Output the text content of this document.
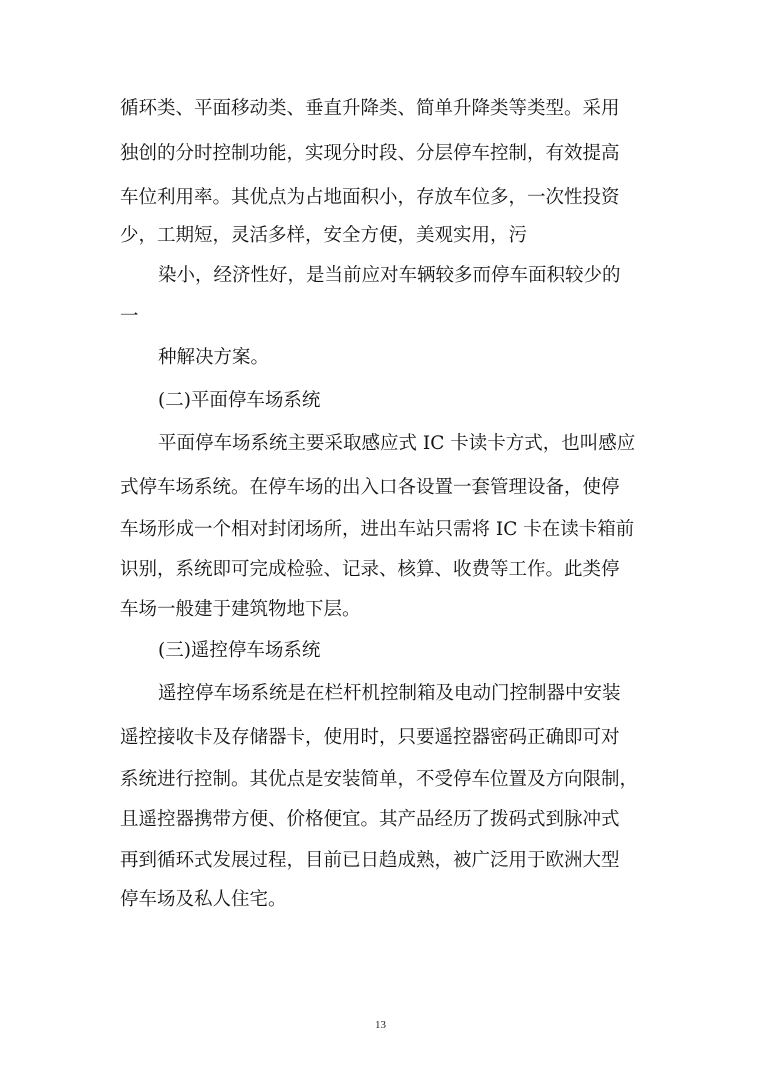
循环类、平面移动类、垂直升降类、简单升降类等类型。采用
独创的分时控制功能，实现分时段、分层停车控制，有效提高
车位利用率。其优点为占地面积小，存放车位多，一次性投资
少，工期短，灵活多样，安全方便，美观实用，污
染小，经济性好，是当前应对车辆较多而停车面积较少的
一
种解决方案。
(二)平面停车场系统
平面停车场系统主要采取感应式 IC 卡读卡方式，也叫感应
式停车场系统。在停车场的出入口各设置一套管理设备，使停
车场形成一个相对封闭场所，进出车站只需将 IC 卡在读卡箱前
识别，系统即可完成检验、记录、核算、收费等工作。此类停
车场一般建于建筑物地下层。
(三)遥控停车场系统
遥控停车场系统是在栏杆机控制箱及电动门控制器中安装
遥控接收卡及存储器卡，使用时，只要遥控器密码正确即可对
系统进行控制。其优点是安装简单，不受停车位置及方向限制，
且遥控器携带方便、价格便宜。其产品经历了拨码式到脉冲式
再到循环式发展过程，目前已日趋成熟，被广泛用于欧洲大型
停车场及私人住宅。
13
